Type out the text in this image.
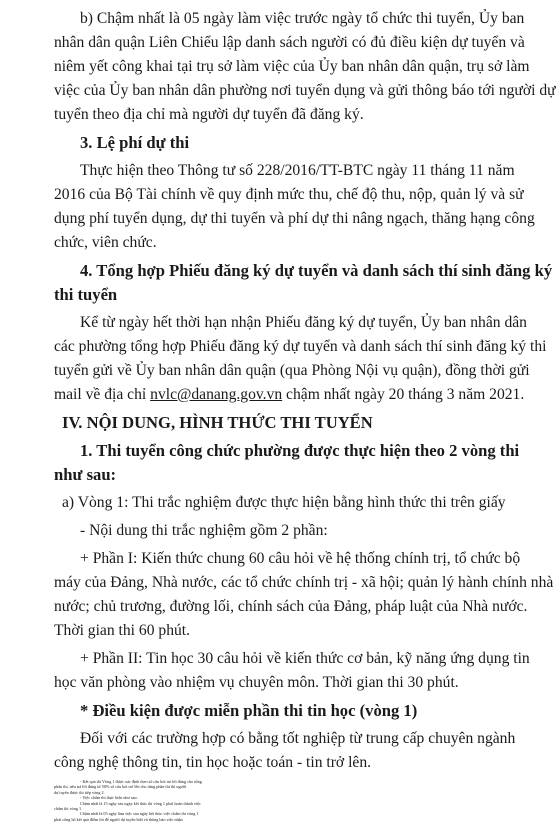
b) Chậm nhất là 05 ngày làm việc trước ngày tổ chức thi tuyển, Ủy ban
nhân dân quận Liên Chiểu lập danh sách người có đủ điều kiện dự tuyển và
niêm yết công khai tại trụ sở làm việc của Ủy ban nhân dân quận, trụ sở làm
việc của Ủy ban nhân dân phường nơi tuyển dụng và gửi thông báo tới người dự
tuyển theo địa chỉ mà người dự tuyển đã đăng ký.
3. Lệ phí dự thi
Thực hiện theo Thông tư số 228/2016/TT-BTC ngày 11 tháng 11 năm
2016 của Bộ Tài chính về quy định mức thu, chế độ thu, nộp, quản lý và sử
dụng phí tuyển dụng, dự thi tuyển và phí dự thi nâng ngạch, thăng hạng công
chức, viên chức.
4. Tổng hợp Phiếu đăng ký dự tuyển và danh sách thí sinh đăng ký
thi tuyển
Kể từ ngày hết thời hạn nhận Phiếu đăng ký dự tuyển, Ủy ban nhân dân
các phường tổng hợp Phiếu đăng ký dự tuyển và danh sách thí sinh đăng ký thi
tuyển gửi về Ủy ban nhân dân quận (qua Phòng Nội vụ quận), đồng thời gửi
mail về địa chỉ nvlc@danang.gov.vn chậm nhất ngày 20 tháng 3 năm 2021.
IV. NỘI DUNG, HÌNH THỨC THI TUYỂN
1. Thi tuyển công chức phường được thực hiện theo 2 vòng thi
như sau:
a) Vòng 1: Thi trắc nghiệm được thực hiện bằng hình thức thi trên giấy
- Nội dung thi trắc nghiệm gồm 2 phần:
+ Phần I: Kiến thức chung 60 câu hỏi về hệ thống chính trị, tổ chức bộ
máy của Đảng, Nhà nước, các tổ chức chính trị - xã hội; quản lý hành chính nhà
nước; chủ trương, đường lối, chính sách của Đảng, pháp luật của Nhà nước.
Thời gian thi 60 phút.
+ Phần II: Tin học 30 câu hỏi về kiến thức cơ bản, kỹ năng ứng dụng tin
học văn phòng vào nhiệm vụ chuyên môn. Thời gian thi 30 phút.
* Điều kiện được miễn phần thi tin học (vòng 1)
Đối với các trường hợp có bằng tốt nghiệp từ trung cấp chuyên ngành
công nghệ thông tin, tin học hoặc toán - tin trở lên.
- Kết quả thi Vòng 1 được xác định theo số câu hỏi trả lời đúng cho từng
phần thi, nếu trả lời đúng từ 50% số câu hỏi trở lên cho từng phần thi thì người
dự tuyển được thi tiếp vòng 2.
- Việc chấm thi thực hiện như sau:
Chậm nhất là 15 ngày sau ngày kết thúc thi vòng 1 phải hoàn thành việc
chấm thi vòng 1.
Chậm nhất là 05 ngày làm việc sau ngày kết thúc việc chấm thi vòng 1
phải công bố kết quả điểm thi để người dự tuyển biết và thông báo việc nhận
